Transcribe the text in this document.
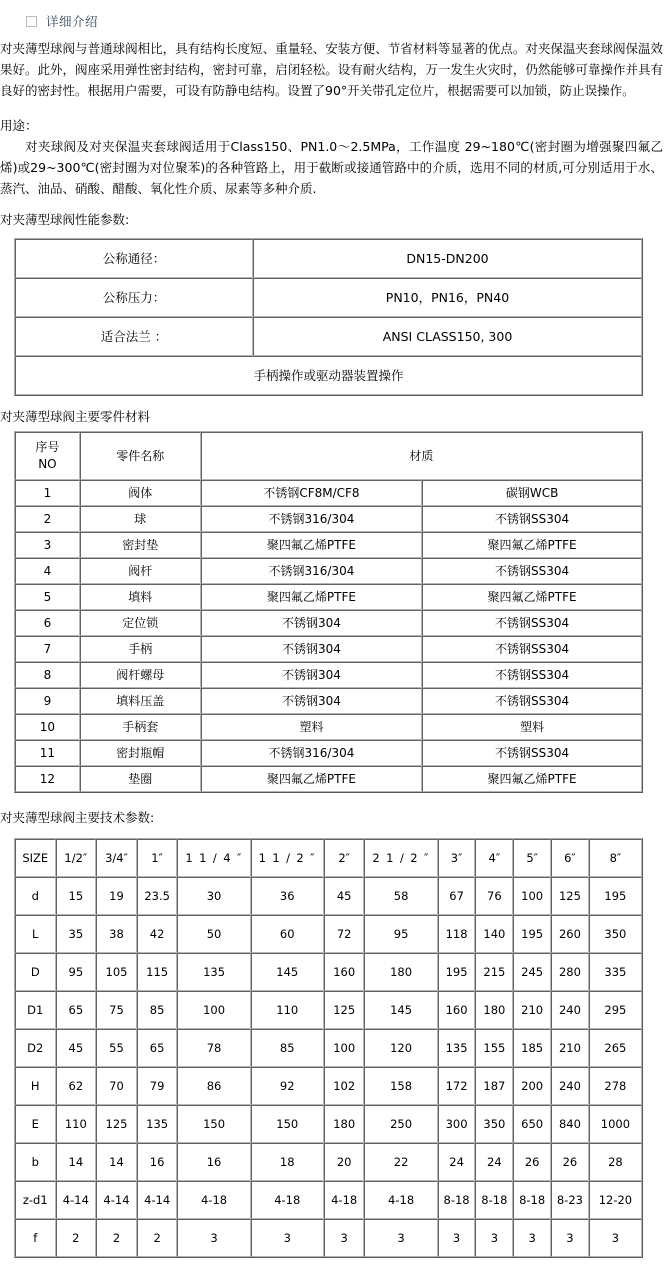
详细介绍

对夹薄型球阀与普通球阀相比，具有结构长度短、重量轻、安装方便、节省材料等显著的优点。对夹保温夹套球阀保温效果好。此外，阀座采用弹性密封结构，密封可靠，启闭轻松。设有耐火结构，万一发生火灾时，仍然能够可靠操作并具有良好的密封性。根据用户需要，可设有防静电结构。设置了90°开关带孔定位片，根据需要可以加锁，防止误操作。

用途：

对夹球阀及对夹保温夹套球阀适用于Class150、PN1.0～2.5MPa，工作温度 29~180℃(密封圈为增强聚四氟乙烯)或29~300℃(密封圈为对位聚苯)的各种管路上，用于截断或接通管路中的介质，选用不同的材质,可分别适用于水、蒸汽、油品、硝酸、醋酸、氧化性介质、尿素等多种介质.

对夹薄型球阀性能参数:

公称通径：	DN15-DN200
公称压力：	PN10，PN16，PN40
适合法兰 ：	ANSI CLASS150, 300
手柄操作或驱动器装置操作	

对夹薄型球阀主要零件材料

序号
NO	零件名称	材质	
1	阀体	不锈钢CF8M/CF8	碳钢WCB
2	球	不锈钢316/304	不锈钢SS304
3	密封垫	聚四氟乙烯PTFE	聚四氟乙烯PTFE
4	阀杆	不锈钢316/304	不锈钢SS304
5	填料	聚四氟乙烯PTFE	聚四氟乙烯PTFE
6	定位锁	不锈钢304	不锈钢SS304
7	手柄	不锈钢304	不锈钢SS304
8	阀杆螺母	不锈钢304	不锈钢SS304
9	填料压盖	不锈钢304	不锈钢SS304
10	手柄套	塑料	塑料
11	密封瓶帽	不锈钢316/304	不锈钢SS304
12	垫圈	聚四氟乙烯PTFE	聚四氟乙烯PTFE

对夹薄型球阀主要技术参数:

SIZE	1/2″	3/4″	1″	1 1 / 4 ″	1 1 / 2 ″	2″	2 1 / 2 ″	3″	4″	5″	6″	8″
d	15	19	23.5	30	36	45	58	67	76	100	125	195
L	35	38	42	50	60	72	95	118	140	195	260	350
D	95	105	115	135	145	160	180	195	215	245	280	335
D1	65	75	85	100	110	125	145	160	180	210	240	295
D2	45	55	65	78	85	100	120	135	155	185	210	265
H	62	70	79	86	92	102	158	172	187	200	240	278
E	110	125	135	150	150	180	250	300	350	650	840	1000
b	14	14	16	16	18	20	22	24	24	26	26	28
z-d1	4-14	4-14	4-14	4-18	4-18	4-18	4-18	8-18	8-18	8-18	8-23	12-20
f	2	2	2	3	3	3	3	3	3	3	3	3
